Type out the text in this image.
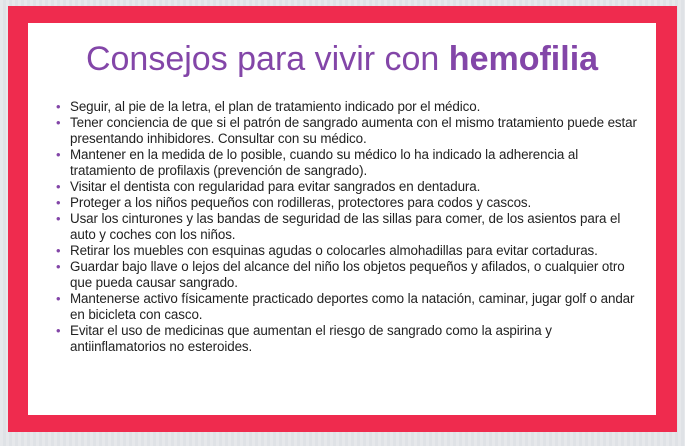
Consejos para vivir con hemofilia
• Seguir, al pie de la letra, el plan de tratamiento indicado por el médico.
• Tener conciencia de que si el patrón de sangrado aumenta con el mismo tratamiento puede estar presentando inhibidores. Consultar con su médico.
• Mantener en la medida de lo posible, cuando su médico lo ha indicado la adherencia al tratamiento de profilaxis (prevención de sangrado).
• Visitar el dentista con regularidad para evitar sangrados en dentadura.
• Proteger a los niños pequeños con rodilleras, protectores para codos y cascos.
• Usar los cinturones y las bandas de seguridad de las sillas para comer, de los asientos para el auto y coches con los niños.
• Retirar los muebles con esquinas agudas o colocarles almohadillas para evitar cortaduras.
• Guardar bajo llave o lejos del alcance del niño los objetos pequeños y afilados, o cualquier otro que pueda causar sangrado.
• Mantenerse activo físicamente practicado deportes como la natación, caminar, jugar golf o andar en bicicleta con casco.
• Evitar el uso de medicinas que aumentan el riesgo de sangrado como la aspirina y antiinflamatorios no esteroides.
